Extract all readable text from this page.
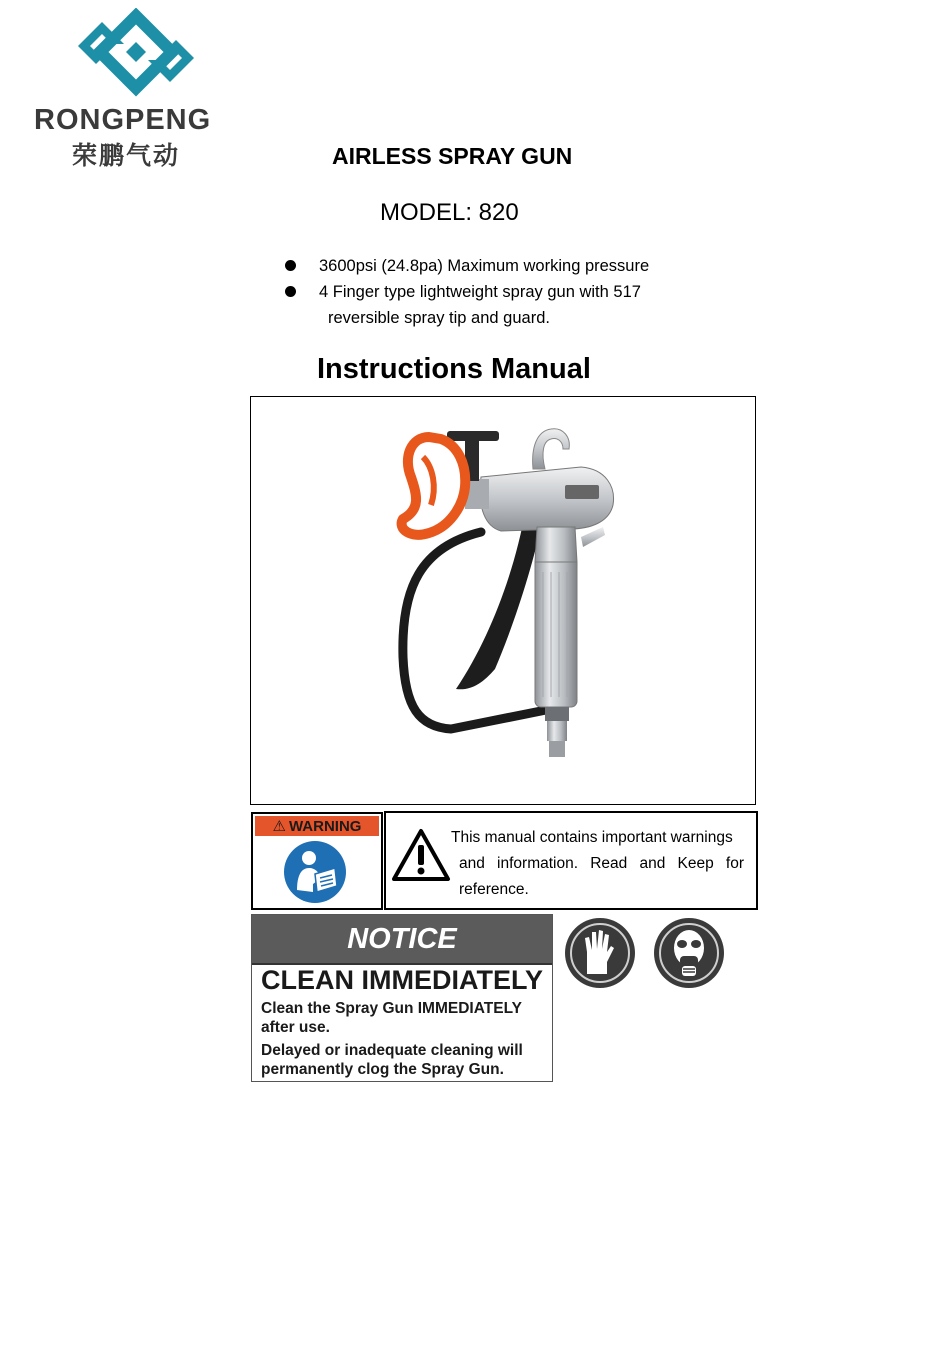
RONGPENG
荣鹏气动	AIRLESS SPRAY GUN
MODEL: 820
3600psi (24.8pa) Maximum working pressure
4 Finger type lightweight spray gun with 517
reversible spray tip and guard.
Instructions Manual
⚠ WARNING
This manual contains important warnings
and information. Read and Keep for reference.
NOTICE
CLEAN IMMEDIATELY
Clean the Spray Gun IMMEDIATELY after use.
Delayed or inadequate cleaning will permanently clog the Spray Gun.
